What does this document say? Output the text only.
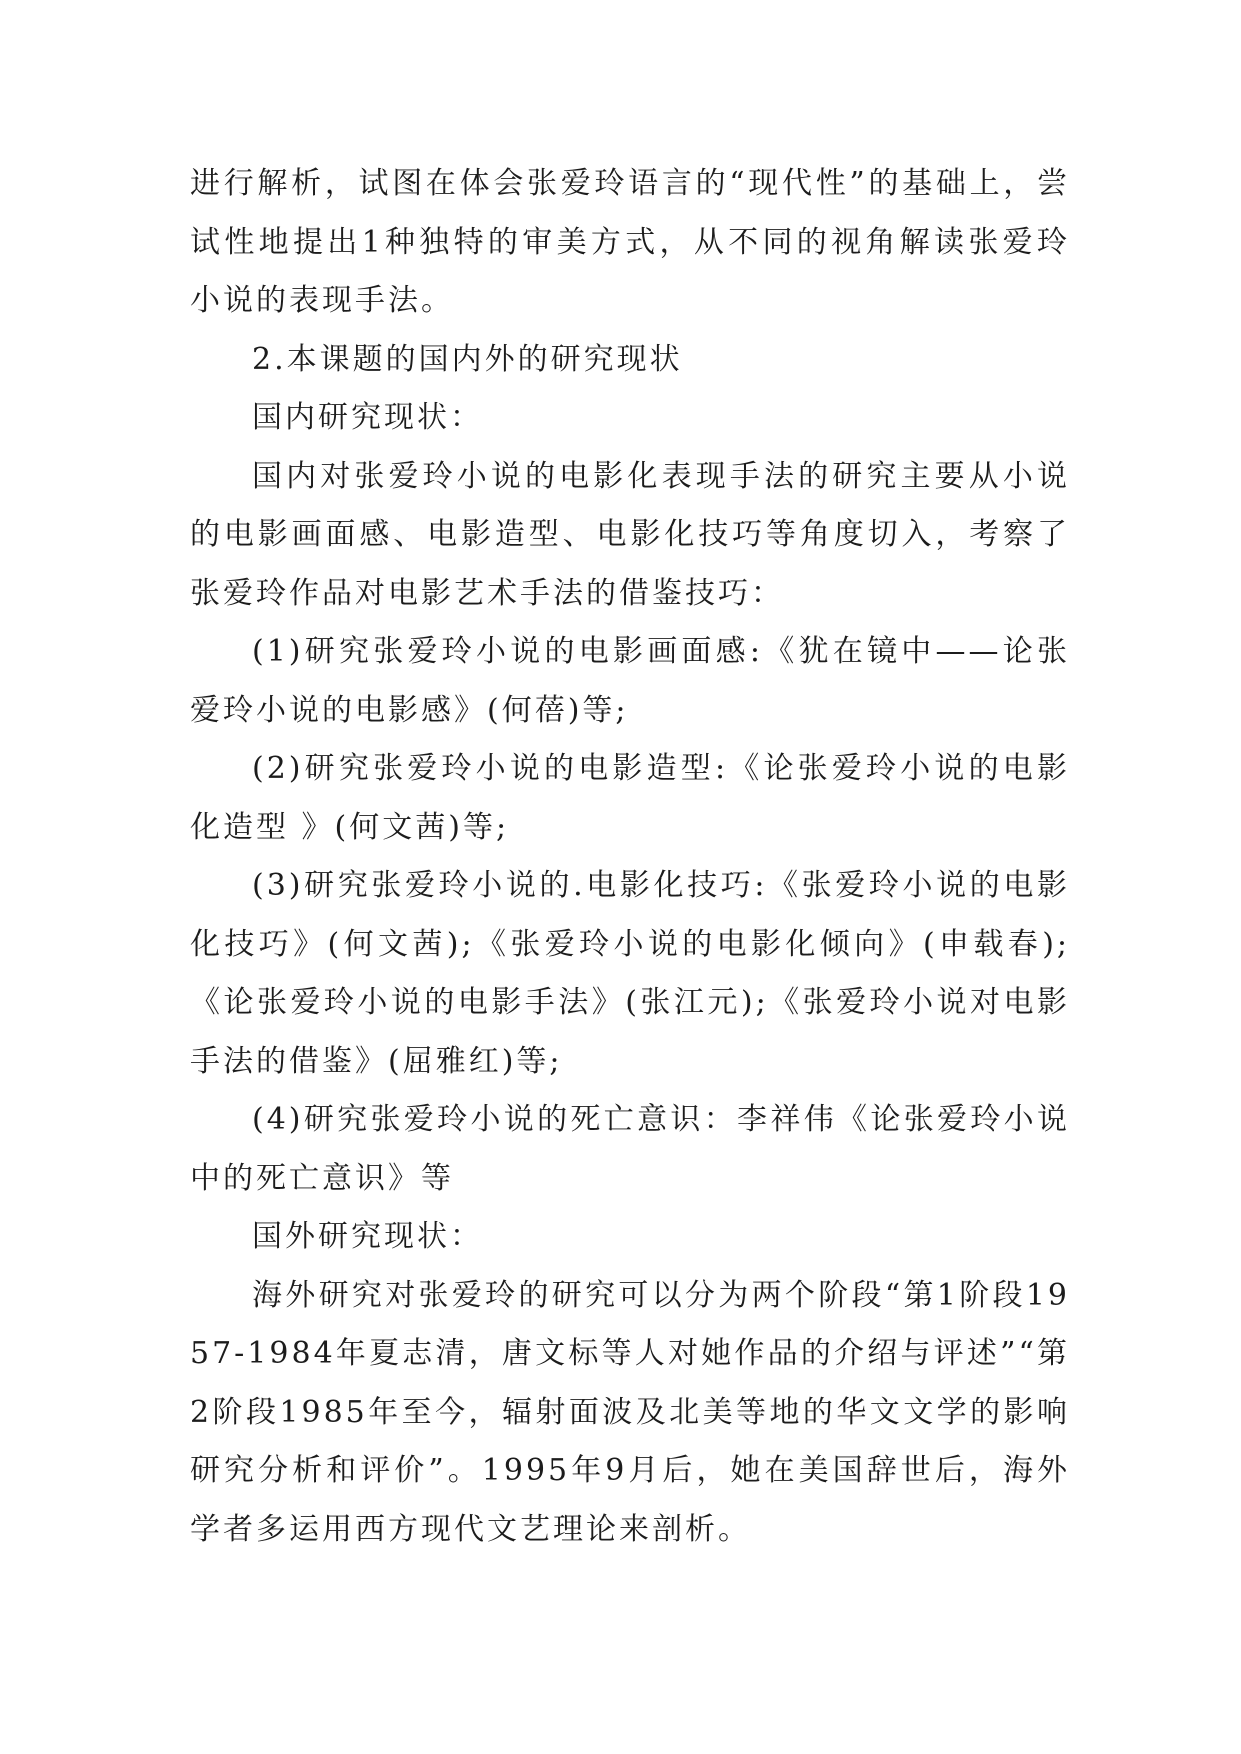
进行解析，试图在体会张爱玲语言的“现代性”的基础上，尝试性地提出1种独特的审美方式，从不同的视角解读张爱玲小说的表现手法。

2.本课题的国内外的研究现状

国内研究现状：

国内对张爱玲小说的电影化表现手法的研究主要从小说的电影画面感、电影造型、电影化技巧等角度切入，考察了张爱玲作品对电影艺术手法的借鉴技巧：

(1)研究张爱玲小说的电影画面感:《犹在镜中——论张爱玲小说的电影感》(何蓓)等;

(2)研究张爱玲小说的电影造型:《论张爱玲小说的电影化造型 》(何文茜)等;

(3)研究张爱玲小说的.电影化技巧:《张爱玲小说的电影化技巧》(何文茜);《张爱玲小说的电影化倾向》(申载春);《论张爱玲小说的电影手法》(张江元);《张爱玲小说对电影手法的借鉴》(屈雅红)等;

(4)研究张爱玲小说的死亡意识：李祥伟《论张爱玲小说中的死亡意识》等

国外研究现状：

海外研究对张爱玲的研究可以分为两个阶段“第1阶段1957-1984年夏志清，唐文标等人对她作品的介绍与评述”“第2阶段1985年至今，辐射面波及北美等地的华文文学的影响研究分析和评价”。1995年9月后，她在美国辞世后，海外学者多运用西方现代文艺理论来剖析。
